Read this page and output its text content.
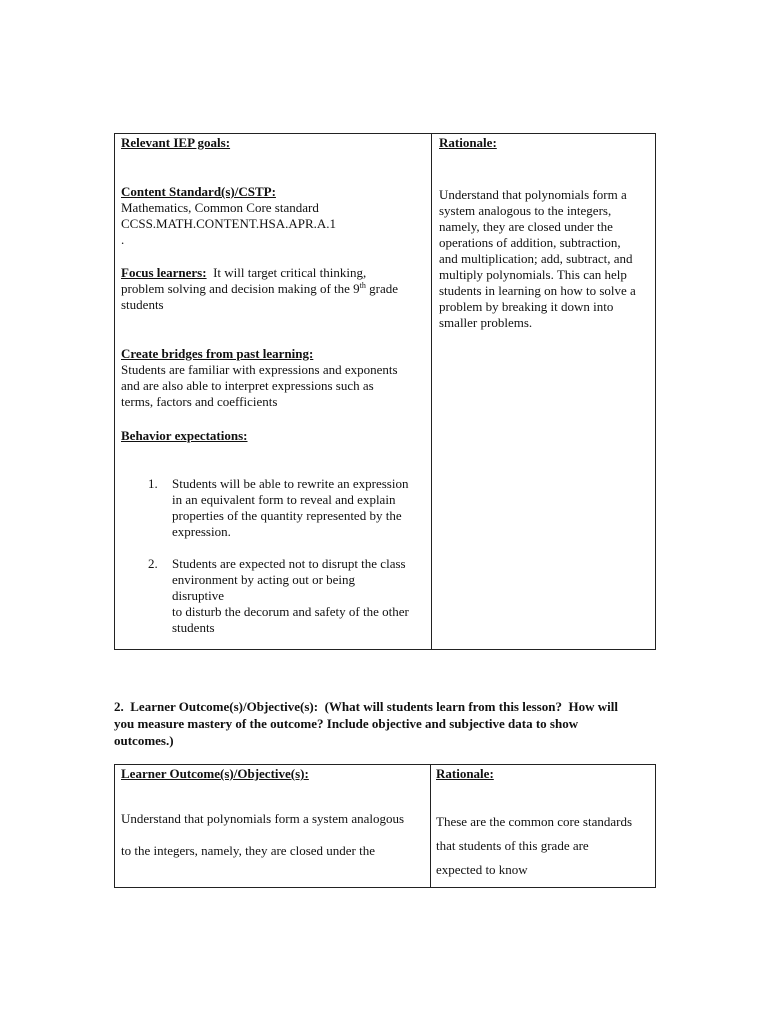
Relevant IEP goals:
Content Standard(s)/CSTP:
Mathematics, Common Core standard
CCSS.MATH.CONTENT.HSA.APR.A.1
.
Focus learners:  It will target critical thinking,
problem solving and decision making of the 9th grade
students
Create bridges from past learning:
Students are familiar with expressions and exponents
and are also able to interpret expressions such as
terms, factors and coefficients
Behavior expectations:
1. Students will be able to rewrite an expression
in an equivalent form to reveal and explain
properties of the quantity represented by the
expression.
2. Students are expected not to disrupt the class
environment by acting out or being disruptive
to disturb the decorum and safety of the other
students
Rationale:
Understand that polynomials form a
system analogous to the integers,
namely, they are closed under the
operations of addition, subtraction,
and multiplication; add, subtract, and
multiply polynomials. This can help
students in learning on how to solve a
problem by breaking it down into
smaller problems.
2.  Learner Outcome(s)/Objective(s):  (What will students learn from this lesson?  How will
you measure mastery of the outcome? Include objective and subjective data to show
outcomes.)
Learner Outcome(s)/Objective(s):
Understand that polynomials form a system analogous
to the integers, namely, they are closed under the
Rationale:
These are the common core standards
that students of this grade are
expected to know
